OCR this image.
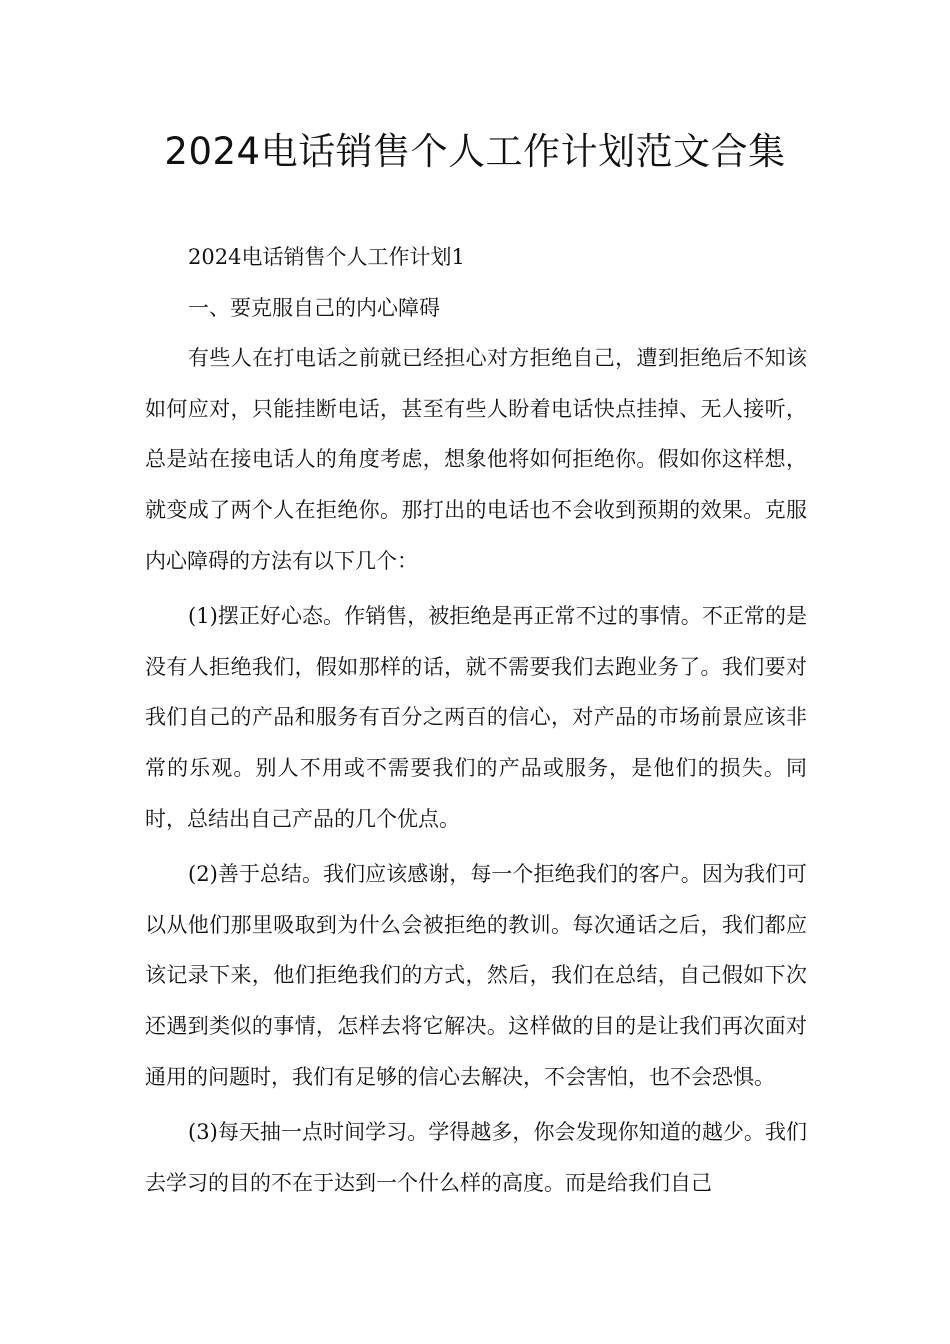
2024电话销售个人工作计划范文合集

2024电话销售个人工作计划1

一、要克服自己的内心障碍

有些人在打电话之前就已经担心对方拒绝自己，遭到拒绝后不知该如何应对，只能挂断电话，甚至有些人盼着电话快点挂掉、无人接听，总是站在接电话人的角度考虑，想象他将如何拒绝你。假如你这样想，就变成了两个人在拒绝你。那打出的电话也不会收到预期的效果。克服内心障碍的方法有以下几个：

(1)摆正好心态。作销售，被拒绝是再正常不过的事情。不正常的是没有人拒绝我们，假如那样的话，就不需要我们去跑业务了。我们要对我们自己的产品和服务有百分之两百的信心，对产品的市场前景应该非常的乐观。别人不用或不需要我们的产品或服务，是他们的损失。同时，总结出自己产品的几个优点。

(2)善于总结。我们应该感谢，每一个拒绝我们的客户。因为我们可以从他们那里吸取到为什么会被拒绝的教训。每次通话之后，我们都应该记录下来，他们拒绝我们的方式，然后，我们在总结，自己假如下次还遇到类似的事情，怎样去将它解决。这样做的目的是让我们再次面对通用的问题时，我们有足够的信心去解决，不会害怕，也不会恐惧。

(3)每天抽一点时间学习。学得越多，你会发现你知道的越少。我们去学习的目的不在于达到一个什么样的高度。而是给我们自己
